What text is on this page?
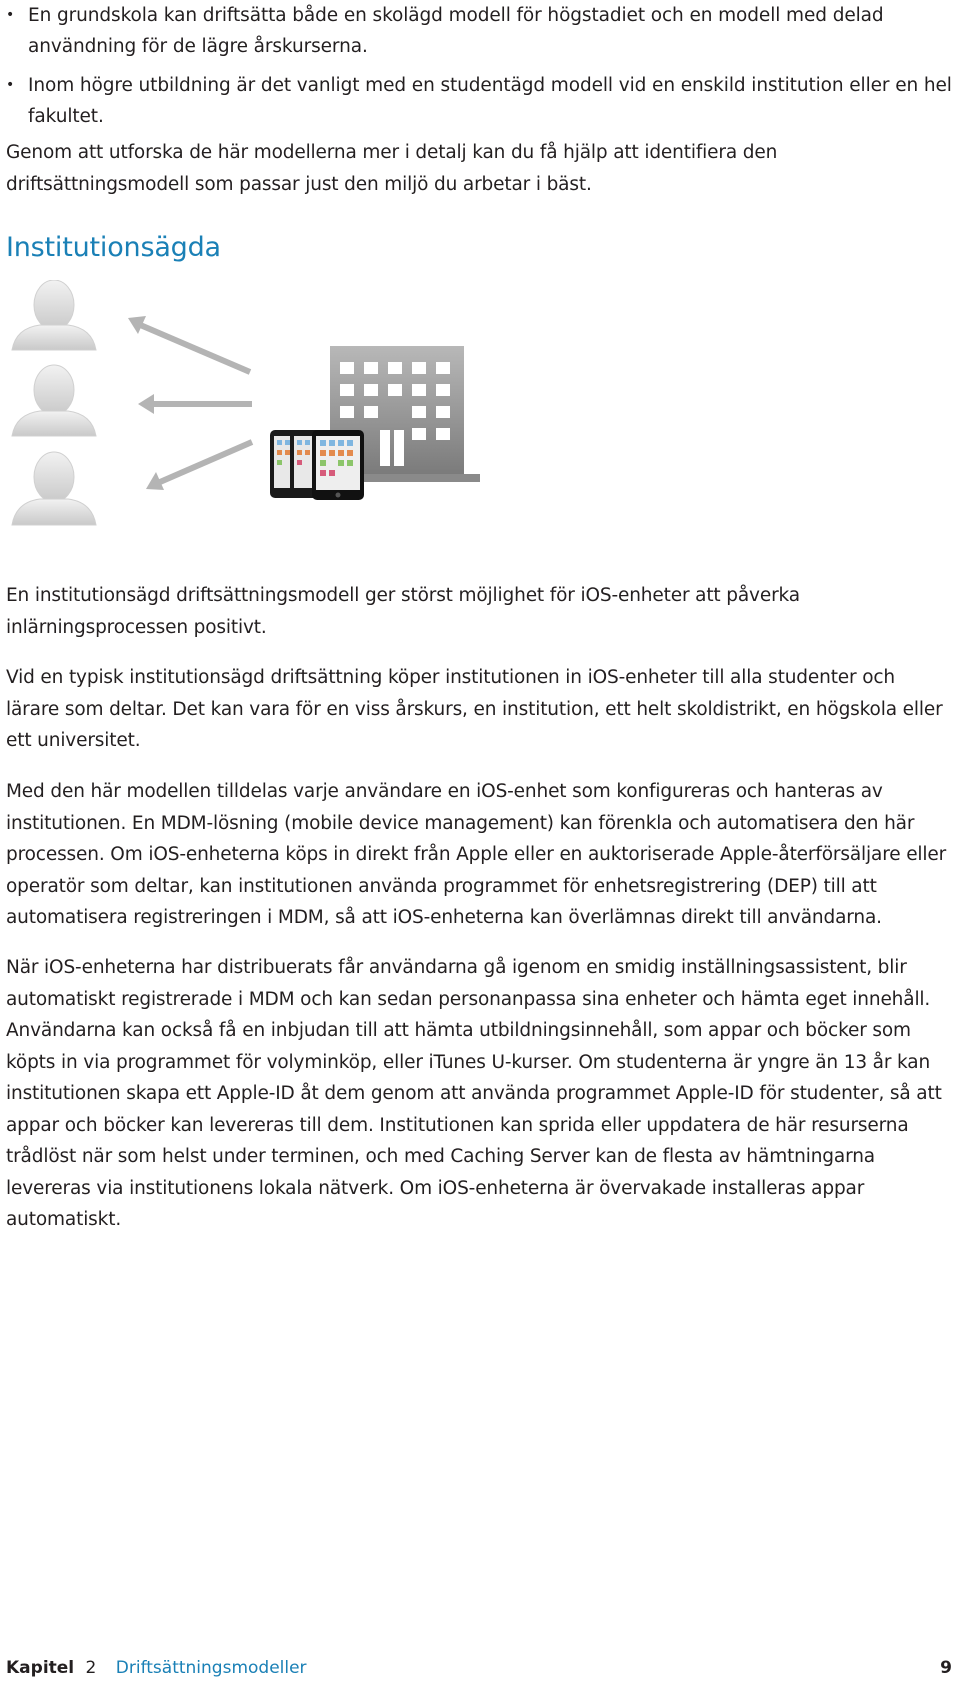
• En grundskola kan driftsätta både en skolägd modell för högstadiet och en modell med delad användning för de lägre årskurserna.
• Inom högre utbildning är det vanligt med en studentägd modell vid en enskild institution eller en hel fakultet.

Genom att utforska de här modellerna mer i detalj kan du få hjälp att identifiera den driftsättningsmodell som passar just den miljö du arbetar i bäst.

Institutionsägda

En institutionsägd driftsättningsmodell ger störst möjlighet för iOS-enheter att påverka inlärningsprocessen positivt.

Vid en typisk institutionsägd driftsättning köper institutionen in iOS-enheter till alla studenter och lärare som deltar. Det kan vara för en viss årskurs, en institution, ett helt skoldistrikt, en högskola eller ett universitet.

Med den här modellen tilldelas varje användare en iOS-enhet som konfigureras och hanteras av institutionen. En MDM-lösning (mobile device management) kan förenkla och automatisera den här processen. Om iOS-enheterna köps in direkt från Apple eller en auktoriserade Apple-återförsäljare eller operatör som deltar, kan institutionen använda programmet för enhetsregistrering (DEP) till att automatisera registreringen i MDM, så att iOS-enheterna kan överlämnas direkt till användarna.

När iOS-enheterna har distribuerats får användarna gå igenom en smidig inställningsassistent, blir automatiskt registrerade i MDM och kan sedan personanpassa sina enheter och hämta eget innehåll. Användarna kan också få en inbjudan till att hämta utbildningsinnehåll, som appar och böcker som köpts in via programmet för volyminköp, eller iTunes U-kurser. Om studenterna är yngre än 13 år kan institutionen skapa ett Apple-ID åt dem genom att använda programmet Apple-ID för studenter, så att appar och böcker kan levereras till dem. Institutionen kan sprida eller uppdatera de här resurserna trådlöst när som helst under terminen, och med Caching Server kan de flesta av hämtningarna levereras via institutionens lokala nätverk. Om iOS-enheterna är övervakade installeras appar automatiskt.

Kapitel 2 Driftsättningsmodeller	9
